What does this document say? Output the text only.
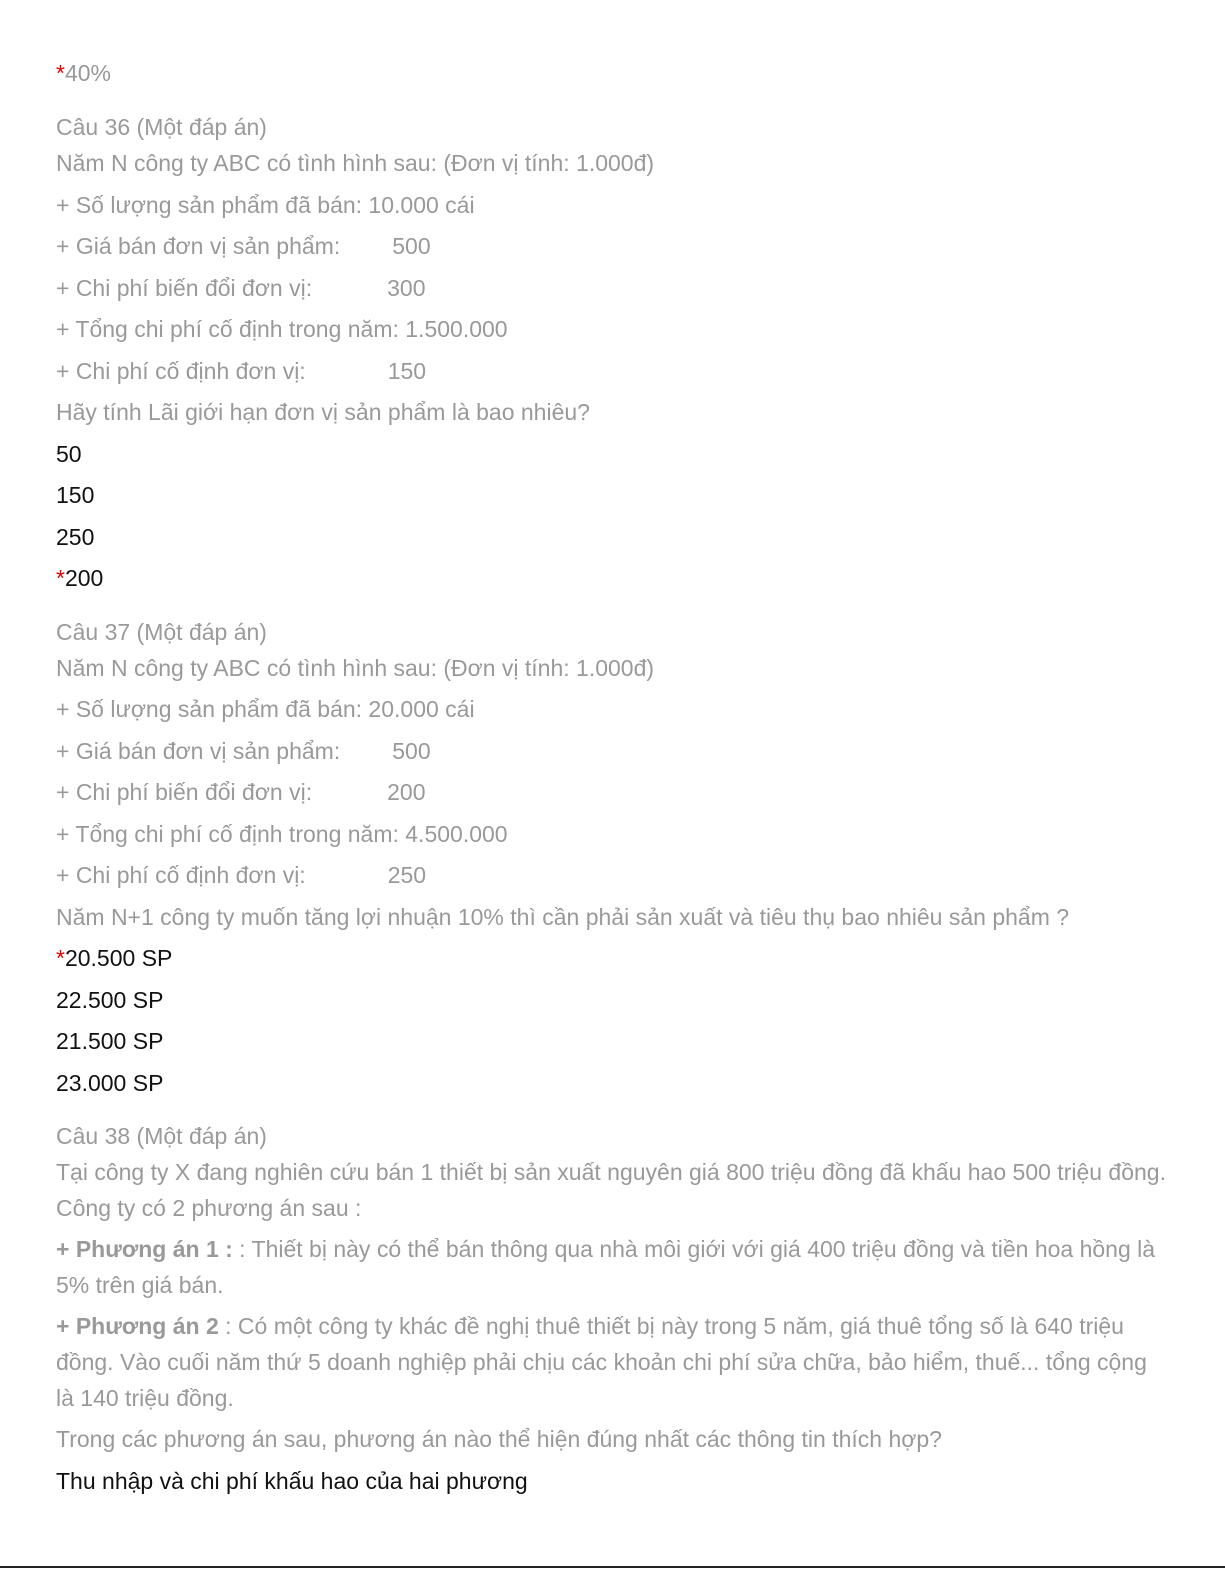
*40%
Câu 36 (Một đáp án)
Năm N công ty ABC có tình hình sau: (Đơn vị tính: 1.000đ)
+ Số lượng sản phẩm đã bán: 10.000 cái
+ Giá bán đơn vị sản phẩm: 500
+ Chi phí biến đổi đơn vị:	300
+ Tổng chi phí cố định trong năm: 1.500.000
+ Chi phí cố định đơn vị:	150
Hãy tính Lãi giới hạn đơn vị sản phẩm là bao nhiêu?
50
150
250
*200
Câu 37 (Một đáp án)
Năm N công ty ABC có tình hình sau: (Đơn vị tính: 1.000đ)
+ Số lượng sản phẩm đã bán: 20.000 cái
+ Giá bán đơn vị sản phẩm: 500
+ Chi phí biến đổi đơn vị:	200
+ Tổng chi phí cố định trong năm: 4.500.000
+ Chi phí cố định đơn vị:	250
Năm N+1 công ty muốn tăng lợi nhuận 10% thì cần phải sản xuất và tiêu thụ bao nhiêu sản phẩm ?
*20.500 SP
22.500 SP
21.500 SP
23.000 SP
Câu 38 (Một đáp án)
Tại công ty X đang nghiên cứu bán 1 thiết bị sản xuất nguyên giá 800 triệu đồng đã khấu hao 500 triệu đồng. Công ty có 2 phương án sau :
+ Phương án 1 : : Thiết bị này có thể bán thông qua nhà môi giới với giá 400 triệu đồng và tiền hoa hồng là 5% trên giá bán.
+ Phương án 2 : Có một công ty khác đề nghị thuê thiết bị này trong 5 năm, giá thuê tổng số là 640 triệu đồng. Vào cuối năm thứ 5 doanh nghiệp phải chịu các khoản chi phí sửa chữa, bảo hiểm, thuế... tổng cộng là 140 triệu đồng.
Trong các phương án sau, phương án nào thể hiện đúng nhất các thông tin thích hợp?
Thu nhập và chi phí khấu hao của hai phương
